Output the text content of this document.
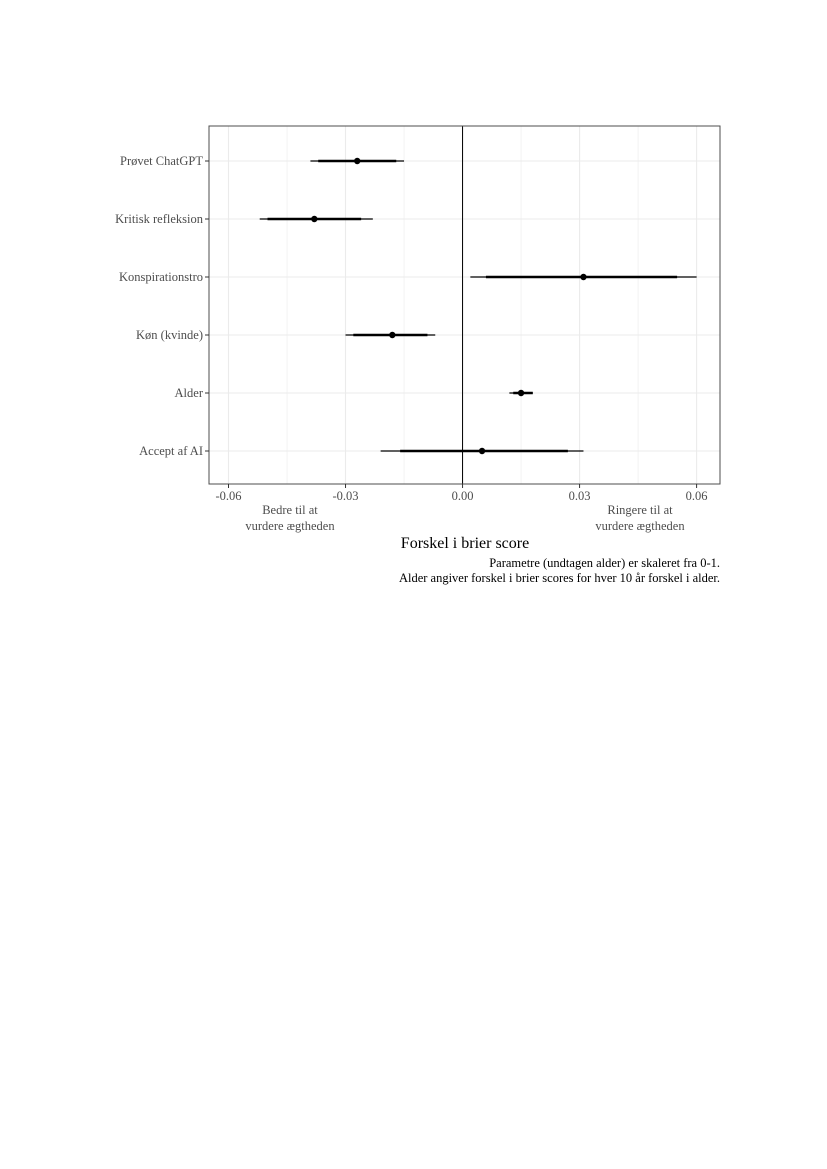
Prøvet ChatGPT
Kritisk refleksion
Konspirationstro
Køn (kvinde)
Alder
Accept af AI
-0.06	-0.03	0.00	0.03	0.06
Bedre til at
vurdere ægtheden
Ringere til at
vurdere ægtheden
Forskel i brier score
Parametre (undtagen alder) er skaleret fra 0-1.
Alder angiver forskel i brier scores for hver 10 år forskel i alder.
